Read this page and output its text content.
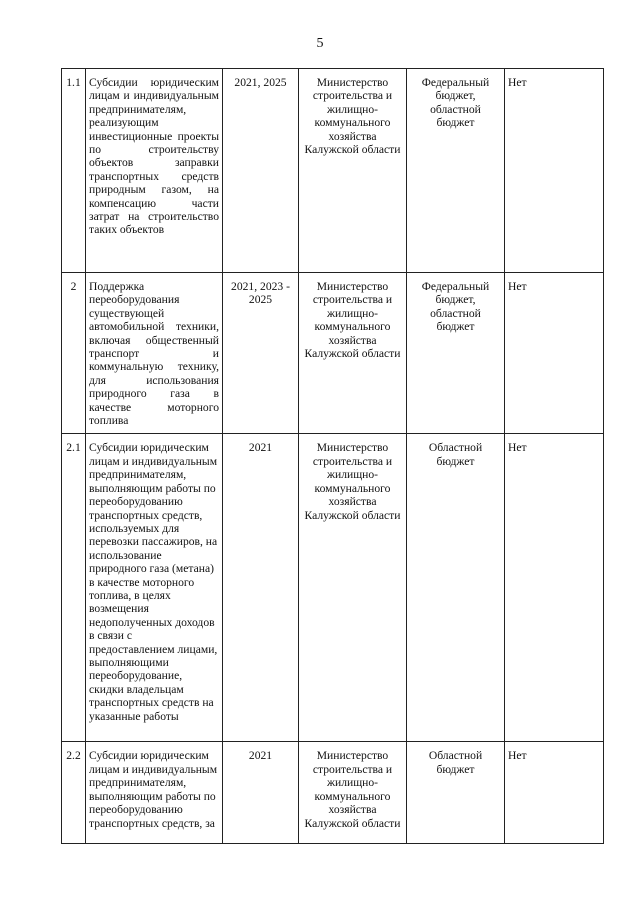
5
1.1	Субсидии юридическим лицам и индивидуальным предпринимателям, реализующим инвестиционные проекты по строительству объектов заправки транспортных средств природным газом, на компенсацию части затрат на строительство таких объектов	2021, 2025	Министерство строительства и жилищно-коммунального хозяйства Калужской области	Федеральный бюджет, областной бюджет	Нет
2	Поддержка переоборудования существующей автомобильной техники, включая общественный транспорт и коммунальную технику, для использования природного газа в качестве моторного топлива	2021, 2023 - 2025	Министерство строительства и жилищно-коммунального хозяйства Калужской области	Федеральный бюджет, областной бюджет	Нет
2.1	Субсидии юридическим лицам и индивидуальным предпринимателям, выполняющим работы по переоборудованию транспортных средств, используемых для перевозки пассажиров, на использование природного газа (метана) в качестве моторного топлива, в целях возмещения недополученных доходов в связи с предоставлением лицами, выполняющими переоборудование, скидки владельцам транспортных средств на указанные работы	2021	Министерство строительства и жилищно-коммунального хозяйства Калужской области	Областной бюджет	Нет
2.2	Субсидии юридическим лицам и индивидуальным предпринимателям, выполняющим работы по переоборудованию транспортных средств, за	2021	Министерство строительства и жилищно-коммунального хозяйства Калужской области	Областной бюджет	Нет
